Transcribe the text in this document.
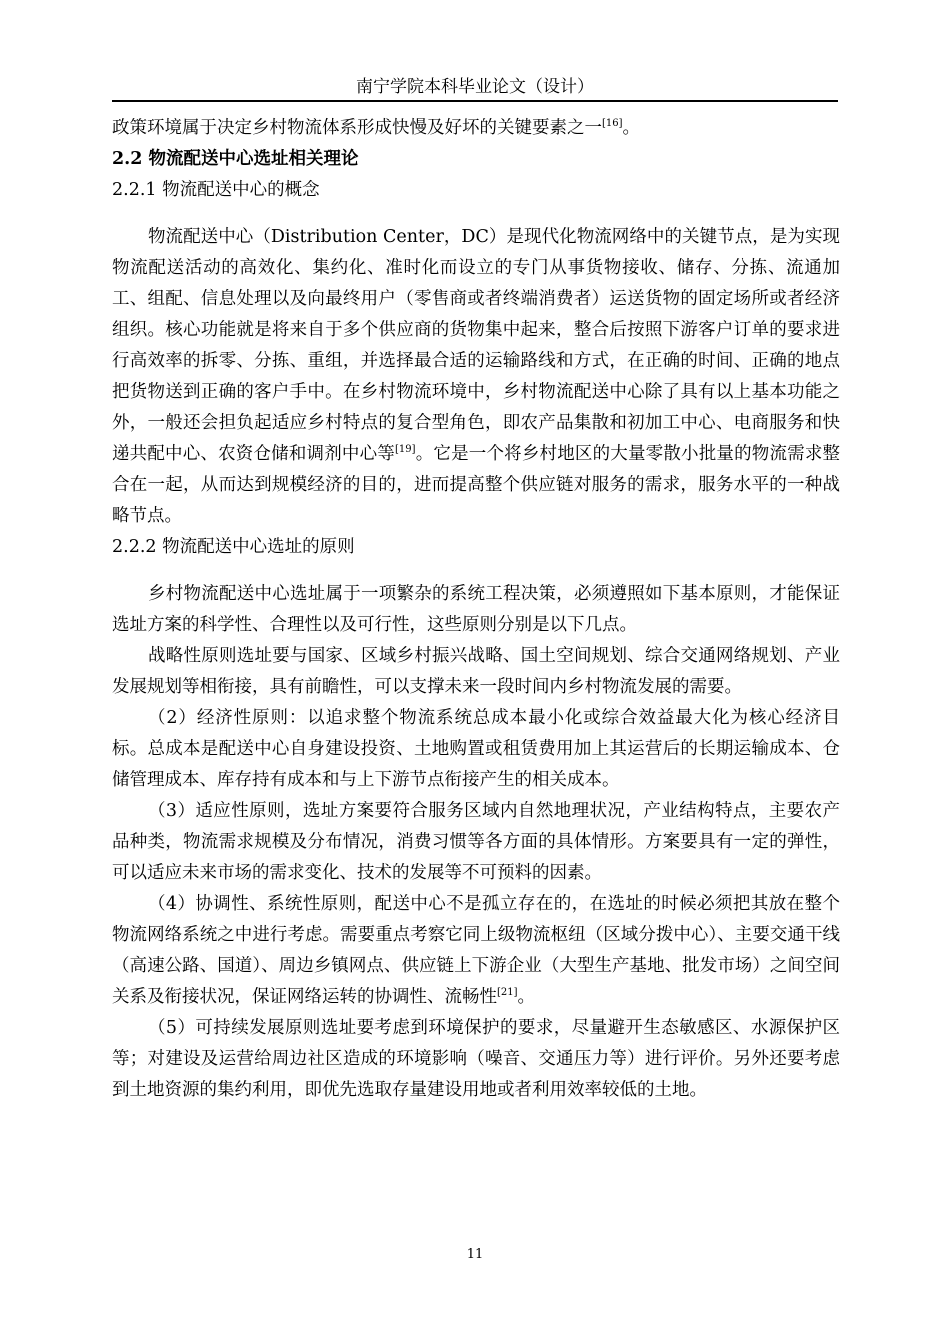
南宁学院本科毕业论文（设计）

政策环境属于决定乡村物流体系形成快慢及好坏的关键要素之一[16]。

2.2 物流配送中心选址相关理论

2.2.1 物流配送中心的概念

物流配送中心（Distribution Center，DC）是现代化物流网络中的关键节点，是为实现物流配送活动的高效化、集约化、准时化而设立的专门从事货物接收、储存、分拣、流通加工、组配、信息处理以及向最终用户（零售商或者终端消费者）运送货物的固定场所或者经济组织。核心功能就是将来自于多个供应商的货物集中起来，整合后按照下游客户订单的要求进行高效率的拆零、分拣、重组，并选择最合适的运输路线和方式，在正确的时间、正确的地点把货物送到正确的客户手中。在乡村物流环境中，乡村物流配送中心除了具有以上基本功能之外，一般还会担负起适应乡村特点的复合型角色，即农产品集散和初加工中心、电商服务和快递共配中心、农资仓储和调剂中心等[19]。它是一个将乡村地区的大量零散小批量的物流需求整合在一起，从而达到规模经济的目的，进而提高整个供应链对服务的需求，服务水平的一种战略节点。

2.2.2 物流配送中心选址的原则

乡村物流配送中心选址属于一项繁杂的系统工程决策，必须遵照如下基本原则，才能保证选址方案的科学性、合理性以及可行性，这些原则分别是以下几点。

战略性原则选址要与国家、区域乡村振兴战略、国土空间规划、综合交通网络规划、产业发展规划等相衔接，具有前瞻性，可以支撑未来一段时间内乡村物流发展的需要。

（2）经济性原则：以追求整个物流系统总成本最小化或综合效益最大化为核心经济目标。总成本是配送中心自身建设投资、土地购置或租赁费用加上其运营后的长期运输成本、仓储管理成本、库存持有成本和与上下游节点衔接产生的相关成本。

（3）适应性原则，选址方案要符合服务区域内自然地理状况，产业结构特点，主要农产品种类，物流需求规模及分布情况，消费习惯等各方面的具体情形。方案要具有一定的弹性，可以适应未来市场的需求变化、技术的发展等不可预料的因素。

（4）协调性、系统性原则，配送中心不是孤立存在的，在选址的时候必须把其放在整个物流网络系统之中进行考虑。需要重点考察它同上级物流枢纽（区域分拨中心）、主要交通干线（高速公路、国道）、周边乡镇网点、供应链上下游企业（大型生产基地、批发市场）之间空间关系及衔接状况，保证网络运转的协调性、流畅性[21]。

（5）可持续发展原则选址要考虑到环境保护的要求，尽量避开生态敏感区、水源保护区等；对建设及运营给周边社区造成的环境影响（噪音、交通压力等）进行评价。另外还要考虑到土地资源的集约利用，即优先选取存量建设用地或者利用效率较低的土地。

11
